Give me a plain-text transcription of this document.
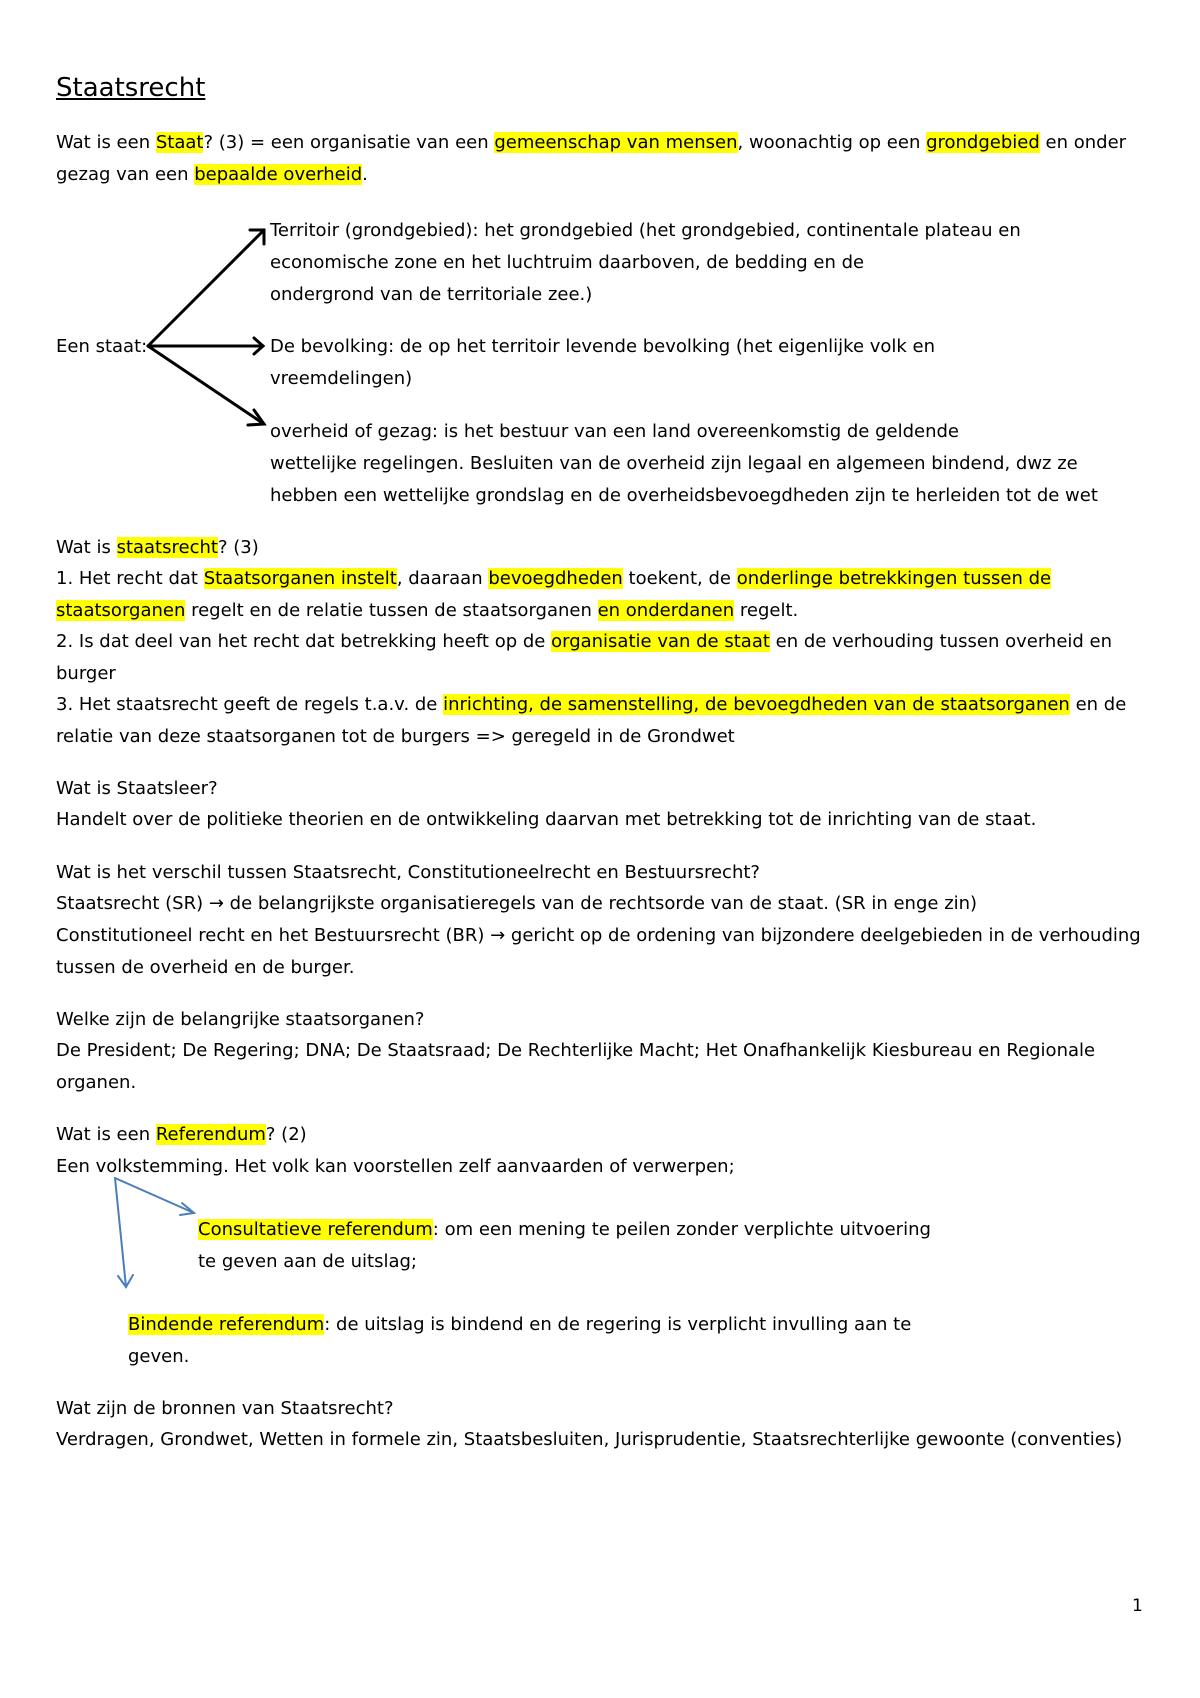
Staatsrecht
Wat is een Staat? (3) = een organisatie van een gemeenschap van mensen, woonachtig op een grondgebied en onder
gezag van een bepaalde overheid.
Een staat:
Territoir (grondgebied): het grondgebied (het grondgebied, continentale plateau en
economische zone en het luchtruim daarboven, de bedding en de
ondergrond van de territoriale zee.)
De bevolking: de op het territoir levende bevolking (het eigenlijke volk en
vreemdelingen)
overheid of gezag: is het bestuur van een land overeenkomstig de geldende
wettelijke regelingen. Besluiten van de overheid zijn legaal en algemeen bindend, dwz ze
hebben een wettelijke grondslag en de overheidsbevoegdheden zijn te herleiden tot de wet
Wat is staatsrecht? (3)
1. Het recht dat Staatsorganen instelt, daaraan bevoegdheden toekent, de onderlinge betrekkingen tussen de
staatsorganen regelt en de relatie tussen de staatsorganen en onderdanen regelt.
2. Is dat deel van het recht dat betrekking heeft op de organisatie van de staat en de verhouding tussen overheid en
burger
3. Het staatsrecht geeft de regels t.a.v. de inrichting, de samenstelling, de bevoegdheden van de staatsorganen en de
relatie van deze staatsorganen tot de burgers => geregeld in de Grondwet
Wat is Staatsleer?
Handelt over de politieke theorien en de ontwikkeling daarvan met betrekking tot de inrichting van de staat.
Wat is het verschil tussen Staatsrecht, Constitutioneelrecht en Bestuursrecht?
Staatsrecht (SR) → de belangrijkste organisatieregels van de rechtsorde van de staat. (SR in enge zin)
Constitutioneel recht en het Bestuursrecht (BR) → gericht op de ordening van bijzondere deelgebieden in de verhouding
tussen de overheid en de burger.
Welke zijn de belangrijke staatsorganen?
De President; De Regering; DNA; De Staatsraad; De Rechterlijke Macht; Het Onafhankelijk Kiesbureau en Regionale
organen.
Wat is een Referendum? (2)
Een volkstemming. Het volk kan voorstellen zelf aanvaarden of verwerpen;
Consultatieve referendum: om een mening te peilen zonder verplichte uitvoering
te geven aan de uitslag;
Bindende referendum: de uitslag is bindend en de regering is verplicht invulling aan te
geven.
Wat zijn de bronnen van Staatsrecht?
Verdragen, Grondwet, Wetten in formele zin, Staatsbesluiten, Jurisprudentie, Staatsrechterlijke gewoonte (conventies)
1
